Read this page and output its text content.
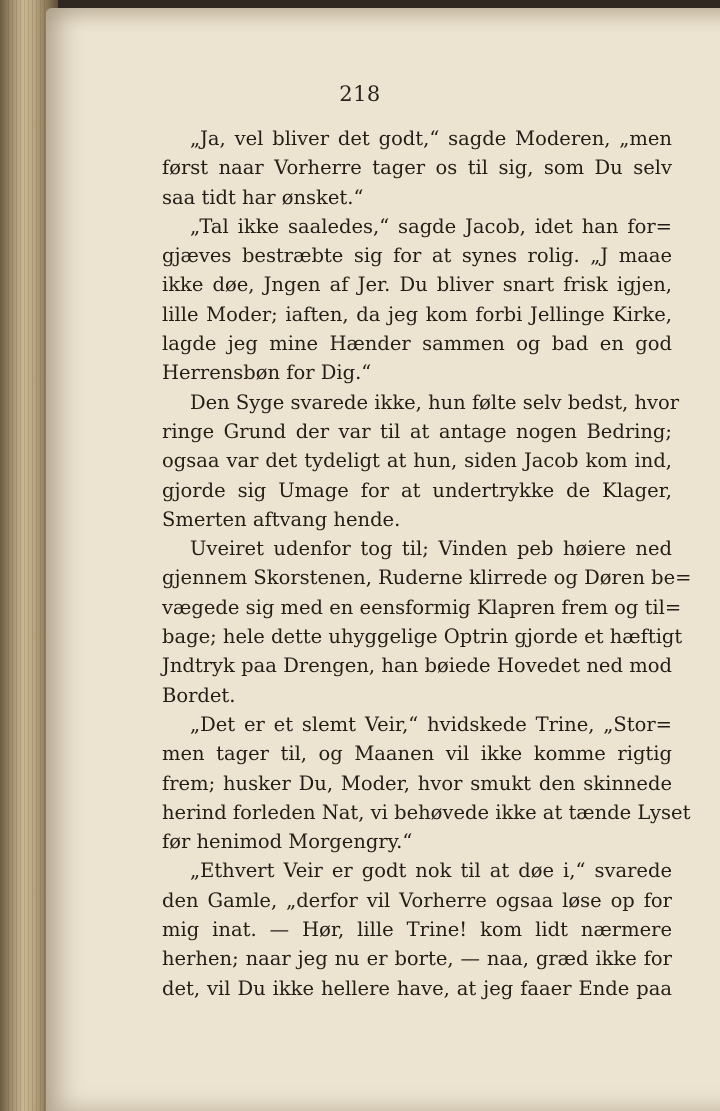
218
„Ja, vel bliver det godt,“ sagde Moderen, „men
først naar Vorherre tager os til sig, som Du selv
saa tidt har ønsket.“
„Tal ikke saaledes,“ sagde Jacob, idet han for=
gjæves bestræbte sig for at synes rolig. „J maae
ikke døe, Jngen af Jer. Du bliver snart frisk igjen,
lille Moder; iaften, da jeg kom forbi Jellinge Kirke,
lagde jeg mine Hænder sammen og bad en god
Herrensbøn for Dig.“
Den Syge svarede ikke, hun følte selv bedst, hvor
ringe Grund der var til at antage nogen Bedring;
ogsaa var det tydeligt at hun, siden Jacob kom ind,
gjorde sig Umage for at undertrykke de Klager,
Smerten aftvang hende.
Uveiret udenfor tog til; Vinden peb høiere ned
gjennem Skorstenen, Ruderne klirrede og Døren be=
vægede sig med en eensformig Klapren frem og til=
bage; hele dette uhyggelige Optrin gjorde et hæftigt
Jndtryk paa Drengen, han bøiede Hovedet ned mod
Bordet.
„Det er et slemt Veir,“ hvidskede Trine, „Stor=
men tager til, og Maanen vil ikke komme rigtig
frem; husker Du, Moder, hvor smukt den skinnede
herind forleden Nat, vi behøvede ikke at tænde Lyset
før henimod Morgengry.“
„Ethvert Veir er godt nok til at døe i,“ svarede
den Gamle, „derfor vil Vorherre ogsaa løse op for
mig inat. — Hør, lille Trine! kom lidt nærmere
herhen; naar jeg nu er borte, — naa, græd ikke for
det, vil Du ikke hellere have, at jeg faaer Ende paa
